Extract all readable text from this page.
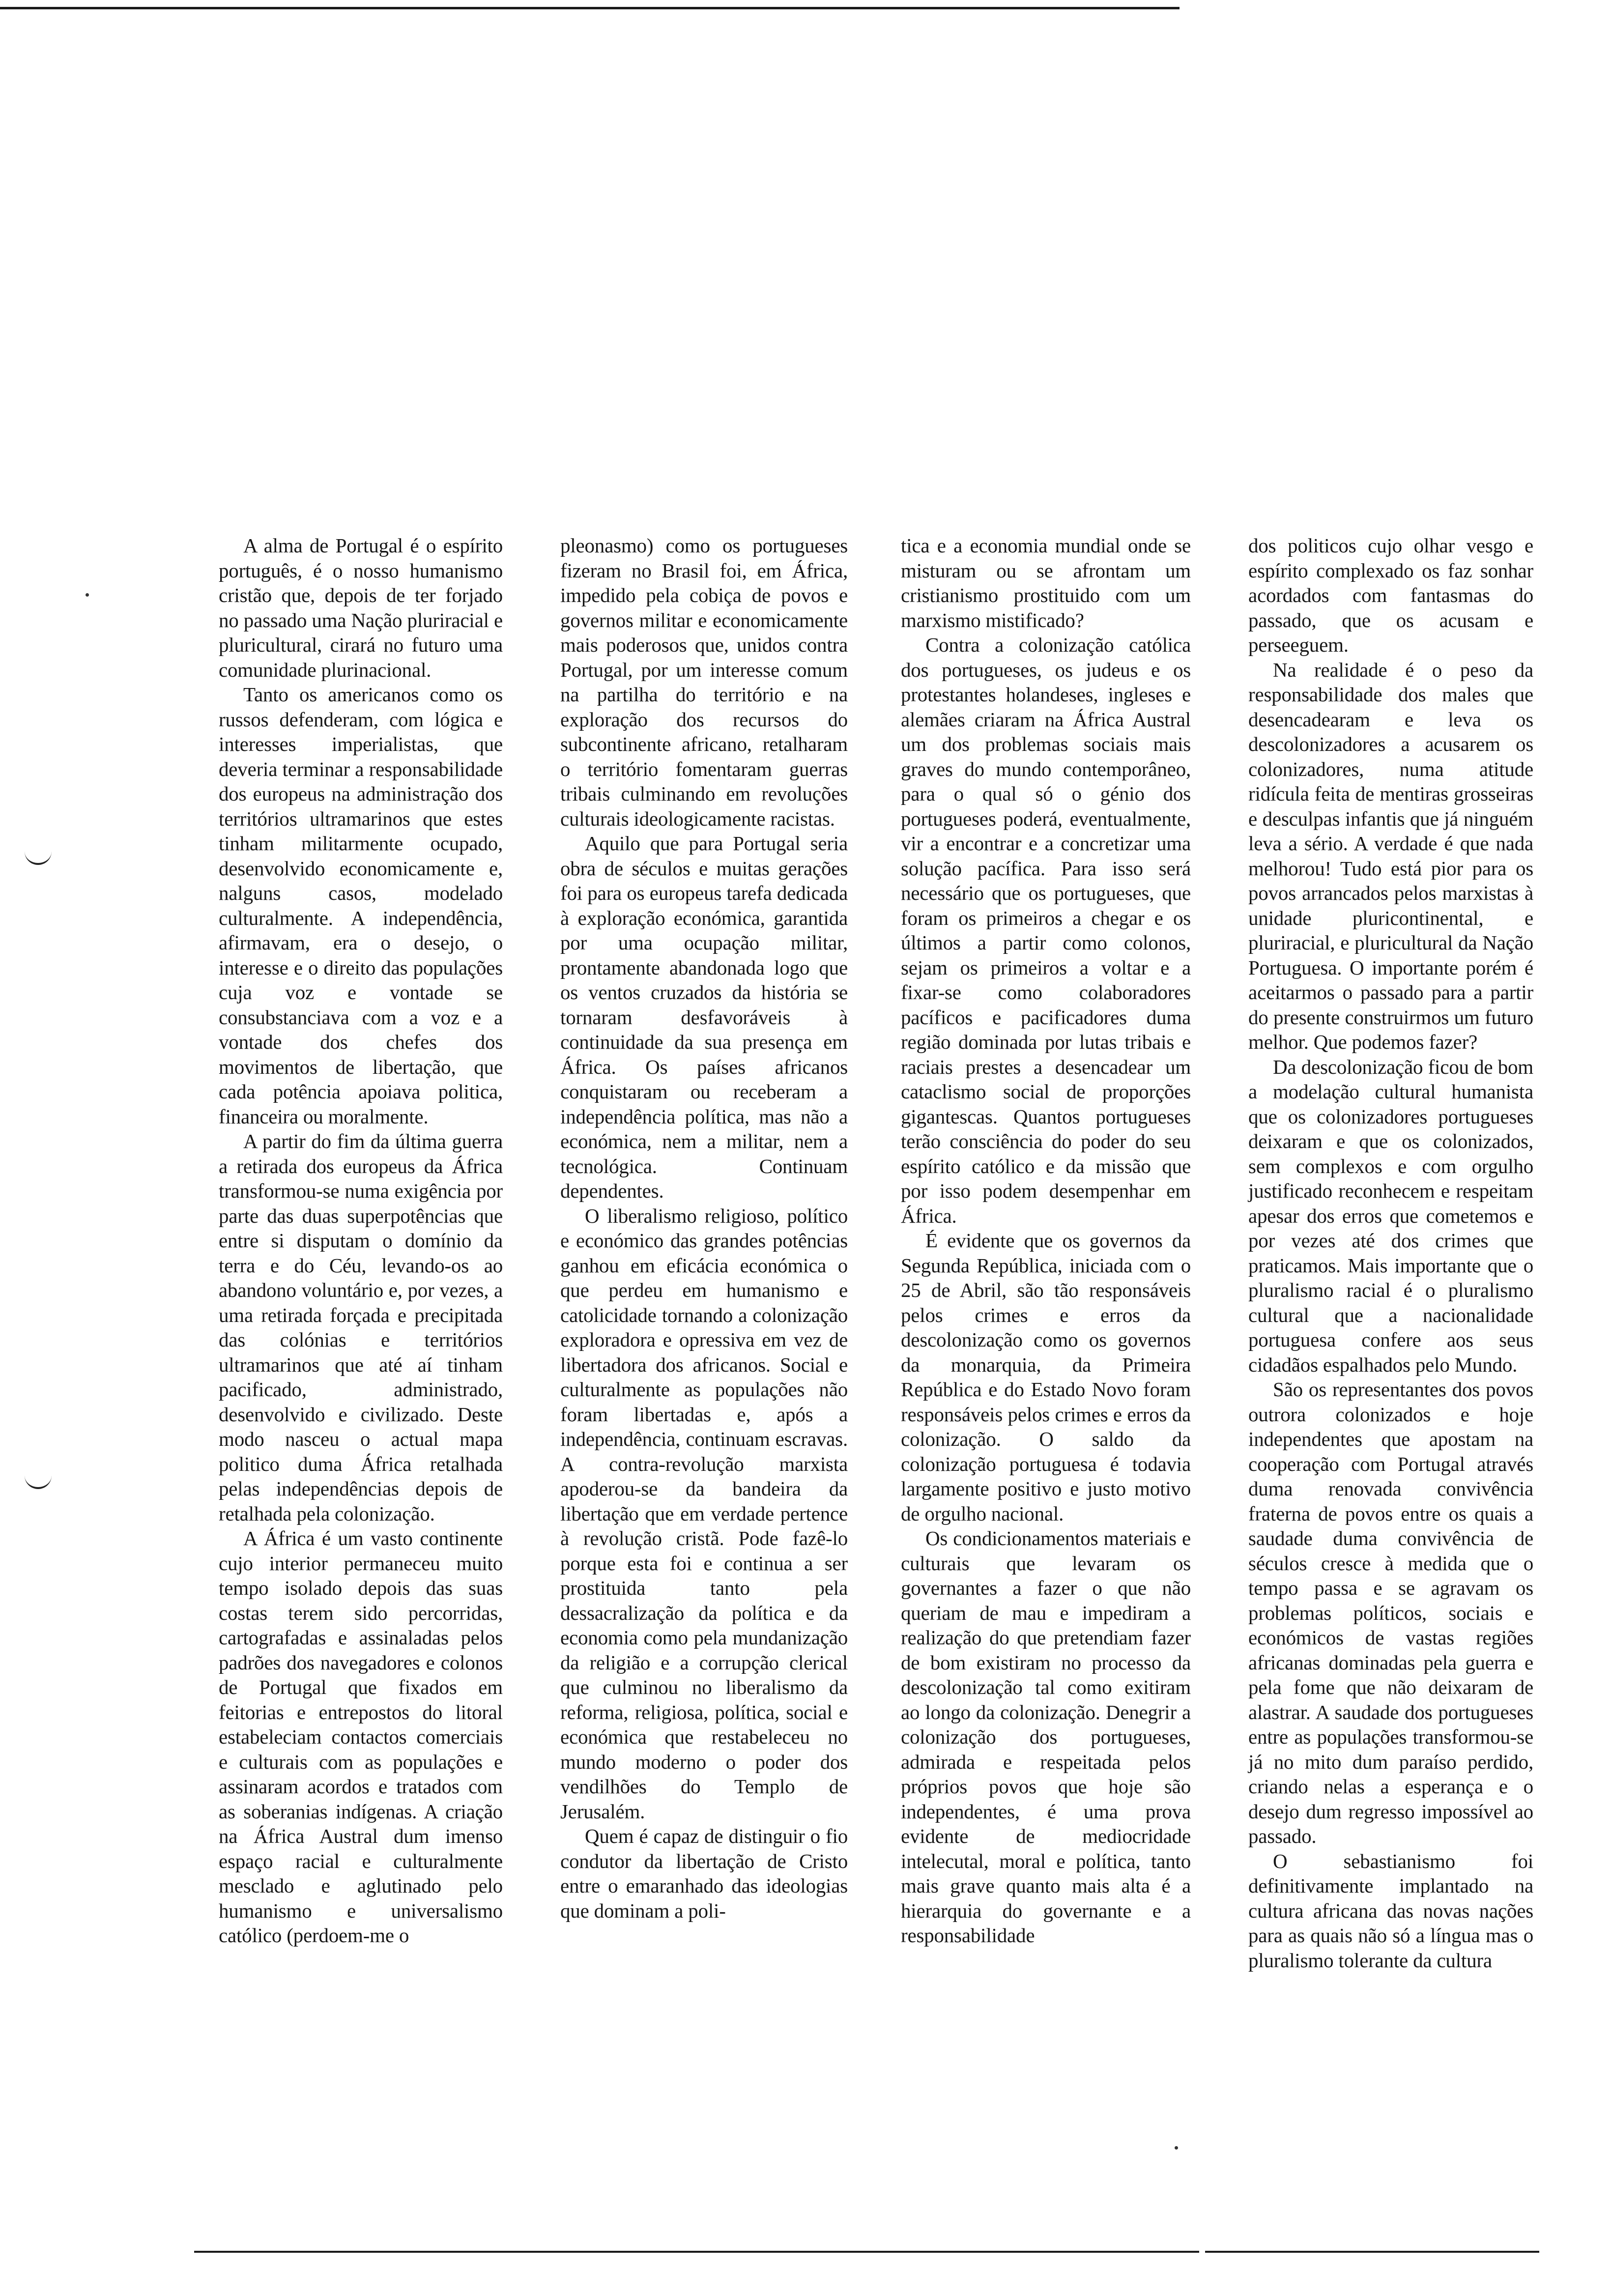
A alma de Portugal é o espírito português, é o nosso humanismo cristão que, depois de ter forjado no passado uma Nação pluriracial e pluricultural, cirará no futuro uma comunidade plurinacional.

Tanto os americanos como os russos defenderam, com lógica e interesses imperialistas, que deveria terminar a responsabilidade dos europeus na administração dos territórios ultramarinos que estes tinham militarmente ocupado, desenvolvido economicamente e, nalguns casos, modelado culturalmente. A independência, afirmavam, era o desejo, o interesse e o direito das populações cuja voz e vontade se consubstanciava com a voz e a vontade dos chefes dos movimentos de libertação, que cada potência apoiava politica, financeira ou moralmente.

A partir do fim da última guerra a retirada dos europeus da África transformou-se numa exigência por parte das duas superpotências que entre si disputam o domínio da terra e do Céu, levando-os ao abandono voluntário e, por vezes, a uma retirada forçada e precipitada das colónias e territórios ultramarinos que até aí tinham pacificado, administrado, desenvolvido e civilizado. Deste modo nasceu o actual mapa politico duma África retalhada pelas independências depois de retalhada pela colonização.

A África é um vasto continente cujo interior permaneceu muito tempo isolado depois das suas costas terem sido percorridas, cartografadas e assinaladas pelos padrões dos navegadores e colonos de Portugal que fixados em feitorias e entrepostos do litoral estabeleciam contactos comerciais e culturais com as populações e assinaram acordos e tratados com as soberanias indígenas. A criação na África Austral dum imenso espaço racial e culturalmente mesclado e aglutinado pelo humanismo e universalismo católico (perdoem-me o

pleonasmo) como os portugueses fizeram no Brasil foi, em África, impedido pela cobiça de povos e governos militar e economicamente mais poderosos que, unidos contra Portugal, por um interesse comum na partilha do território e na exploração dos recursos do subcontinente africano, retalharam o território fomentaram guerras tribais culminando em revoluções culturais ideologicamente racistas.

Aquilo que para Portugal seria obra de séculos e muitas gerações foi para os europeus tarefa dedicada à exploração económica, garantida por uma ocupação militar, prontamente abandonada logo que os ventos cruzados da história se tornaram desfavoráveis à continuidade da sua presença em África. Os países africanos conquistaram ou receberam a independência política, mas não a económica, nem a militar, nem a tecnológica. Continuam dependentes.

O liberalismo religioso, político e económico das grandes potências ganhou em eficácia económica o que perdeu em humanismo e catolicidade tornando a colonização exploradora e opressiva em vez de libertadora dos africanos. Social e culturalmente as populações não foram libertadas e, após a independência, continuam escravas. A contra-revolução marxista apoderou-se da bandeira da libertação que em verdade pertence à revolução cristã. Pode fazê-lo porque esta foi e continua a ser prostituida tanto pela dessacralização da política e da economia como pela mundanização da religião e a corrupção clerical que culminou no liberalismo da reforma, religiosa, política, social e económica que restabeleceu no mundo moderno o poder dos vendilhões do Templo de Jerusalém.

Quem é capaz de distinguir o fio condutor da libertação de Cristo entre o emaranhado das ideologias que dominam a poli-

tica e a economia mundial onde se misturam ou se afrontam um cristianismo prostituido com um marxismo mistificado?

Contra a colonização católica dos portugueses, os judeus e os protestantes holandeses, ingleses e alemães criaram na África Austral um dos problemas sociais mais graves do mundo contemporâneo, para o qual só o génio dos portugueses poderá, eventualmente, vir a encontrar e a concretizar uma solução pacífica. Para isso será necessário que os portugueses, que foram os primeiros a chegar e os últimos a partir como colonos, sejam os primeiros a voltar e a fixar-se como colaboradores pacíficos e pacificadores duma região dominada por lutas tribais e raciais prestes a desencadear um cataclismo social de proporções gigantescas. Quantos portugueses terão consciência do poder do seu espírito católico e da missão que por isso podem desempenhar em África.

É evidente que os governos da Segunda República, iniciada com o 25 de Abril, são tão responsáveis pelos crimes e erros da descolonização como os governos da monarquia, da Primeira República e do Estado Novo foram responsáveis pelos crimes e erros da colonização. O saldo da colonização portuguesa é todavia largamente positivo e justo motivo de orgulho nacional.

Os condicionamentos materiais e culturais que levaram os governantes a fazer o que não queriam de mau e impediram a realização do que pretendiam fazer de bom existiram no processo da descolonização tal como exitiram ao longo da colonização. Denegrir a colonização dos portugueses, admirada e respeitada pelos próprios povos que hoje são independentes, é uma prova evidente de mediocridade intelecutal, moral e política, tanto mais grave quanto mais alta é a hierarquia do governante e a responsabilidade

dos politicos cujo olhar vesgo e espírito complexado os faz sonhar acordados com fantasmas do passado, que os acusam e perseeguem.

Na realidade é o peso da responsabilidade dos males que desencadearam e leva os descolonizadores a acusarem os colonizadores, numa atitude ridícula feita de mentiras grosseiras e desculpas infantis que já ninguém leva a sério. A verdade é que nada melhorou! Tudo está pior para os povos arrancados pelos marxistas à unidade pluricontinental, e pluriracial, e pluricultural da Nação Portuguesa. O importante porém é aceitarmos o passado para a partir do presente construirmos um futuro melhor. Que podemos fazer?

Da descolonização ficou de bom a modelação cultural humanista que os colonizadores portugueses deixaram e que os colonizados, sem complexos e com orgulho justificado reconhecem e respeitam apesar dos erros que cometemos e por vezes até dos crimes que praticamos. Mais importante que o pluralismo racial é o pluralismo cultural que a nacionalidade portuguesa confere aos seus cidadãos espalhados pelo Mundo.

São os representantes dos povos outrora colonizados e hoje independentes que apostam na cooperação com Portugal através duma renovada convivência fraterna de povos entre os quais a saudade duma convivência de séculos cresce à medida que o tempo passa e se agravam os problemas políticos, sociais e económicos de vastas regiões africanas dominadas pela guerra e pela fome que não deixaram de alastrar. A saudade dos portugueses entre as populações transformou-se já no mito dum paraíso perdido, criando nelas a esperança e o desejo dum regresso impossível ao passado.

O sebastianismo foi definitivamente implantado na cultura africana das novas nações para as quais não só a língua mas o pluralismo tolerante da cultura
